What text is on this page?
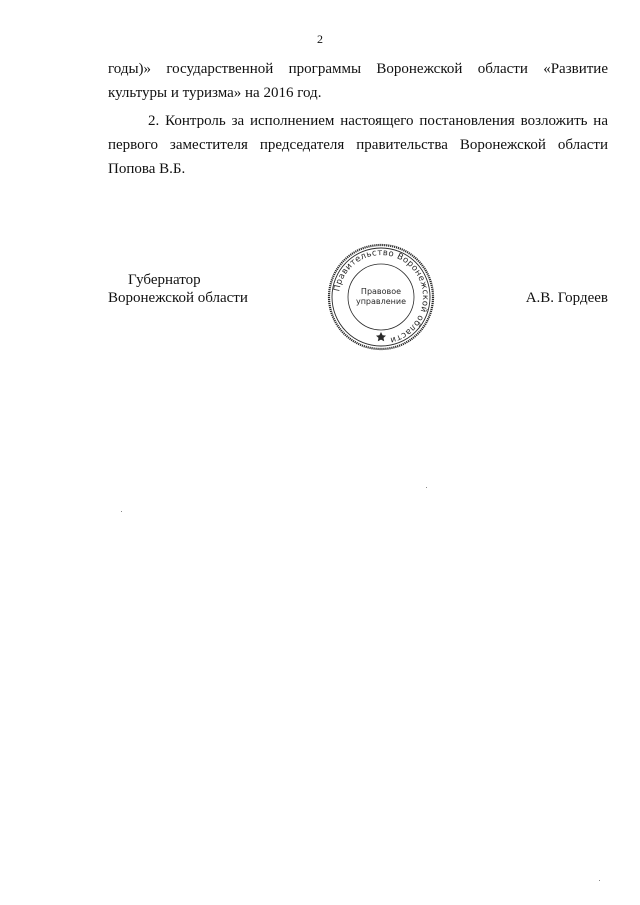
2
годы)» государственной программы Воронежской области «Развитие
культуры и туризма» на 2016 год.
2. Контроль за исполнением настоящего постановления возложить на
первого заместителя председателя правительства Воронежской области
Попова В.Б.
Губернатор
Воронежской области	А.В. Гордеев
Правительство Воронежской области
Правовое
управление
